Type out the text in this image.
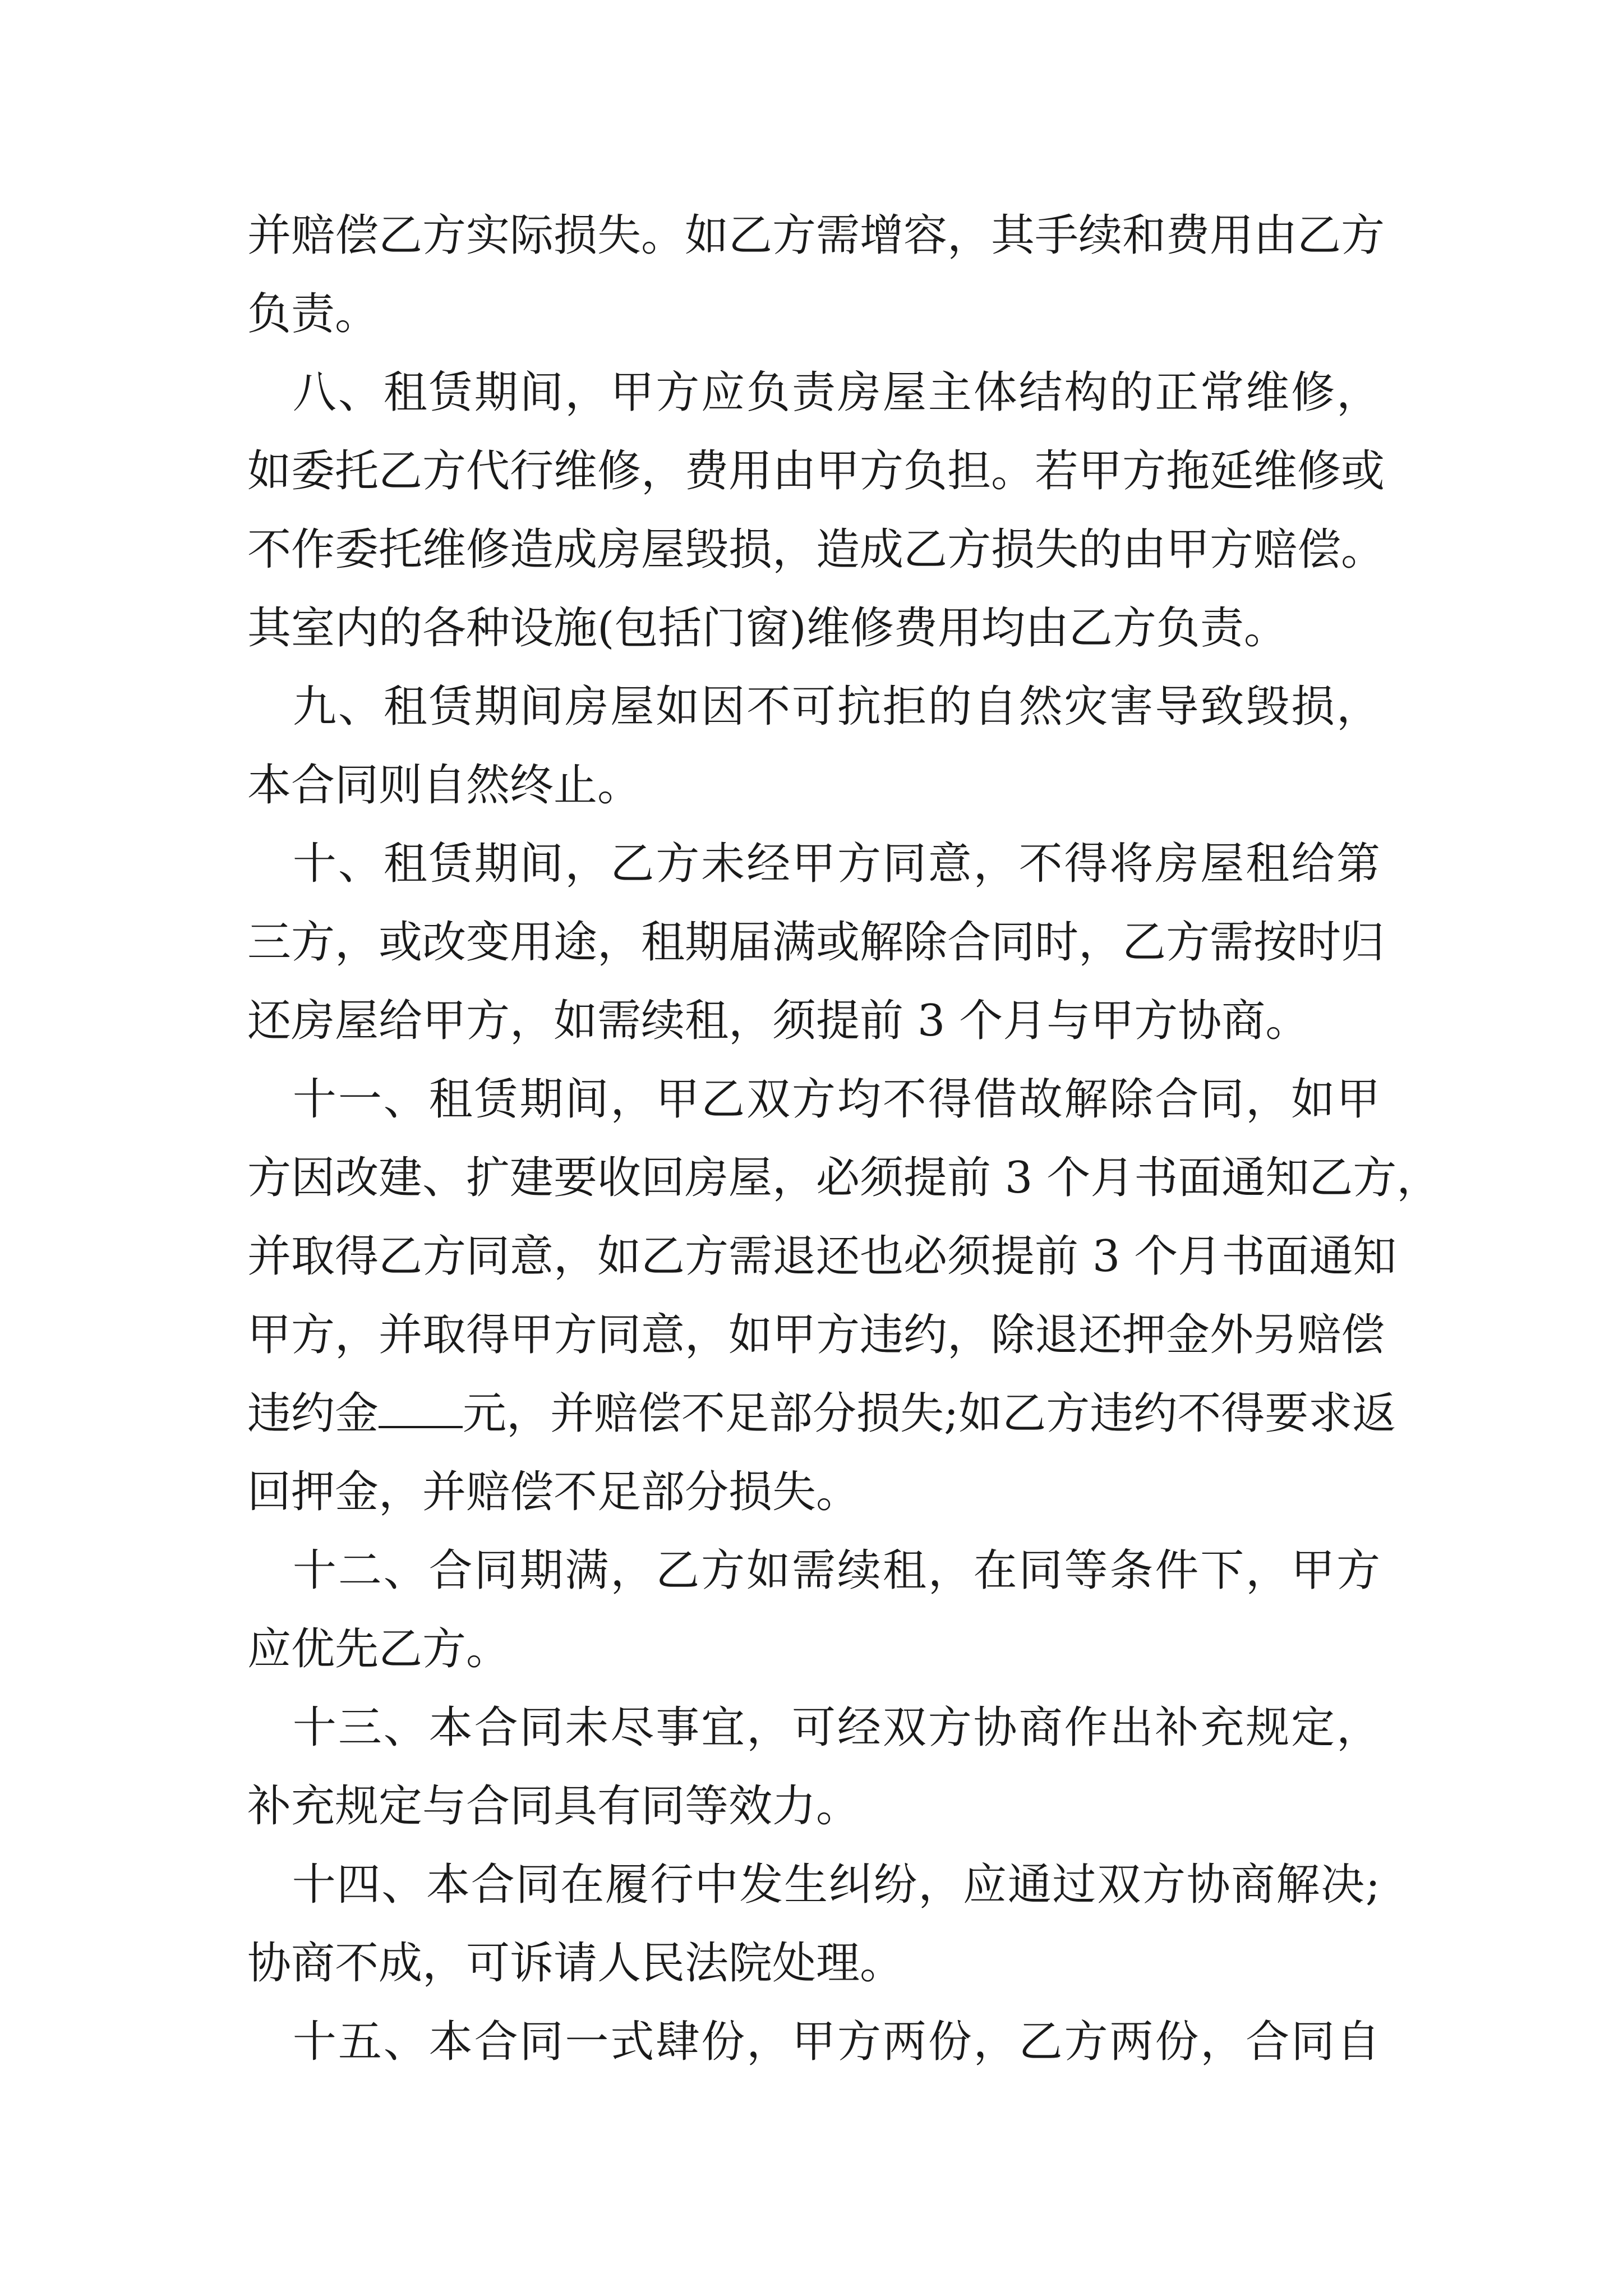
并赔偿乙方实际损失。如乙方需增容，其手续和费用由乙方
负责。
　八、租赁期间，甲方应负责房屋主体结构的正常维修，
如委托乙方代行维修，费用由甲方负担。若甲方拖延维修或
不作委托维修造成房屋毁损，造成乙方损失的由甲方赔偿。
其室内的各种设施(包括门窗)维修费用均由乙方负责。
　九、租赁期间房屋如因不可抗拒的自然灾害导致毁损，
本合同则自然终止。
　十、租赁期间，乙方未经甲方同意，不得将房屋租给第
三方，或改变用途，租期届满或解除合同时，乙方需按时归
还房屋给甲方，如需续租，须提前 3 个月与甲方协商。
　十一、租赁期间，甲乙双方均不得借故解除合同，如甲
方因改建、扩建要收回房屋，必须提前 3 个月书面通知乙方，
并取得乙方同意，如乙方需退还也必须提前 3 个月书面通知
甲方，并取得甲方同意，如甲方违约，除退还押金外另赔偿
违约金 元，并赔偿不足部分损失;如乙方违约不得要求返
回押金，并赔偿不足部分损失。
　十二、合同期满，乙方如需续租，在同等条件下，甲方
应优先乙方。
　十三、本合同未尽事宜，可经双方协商作出补充规定，
补充规定与合同具有同等效力。
　十四、本合同在履行中发生纠纷，应通过双方协商解决;
协商不成，可诉请人民法院处理。
　十五、本合同一式肆份，甲方两份，乙方两份，合同自
